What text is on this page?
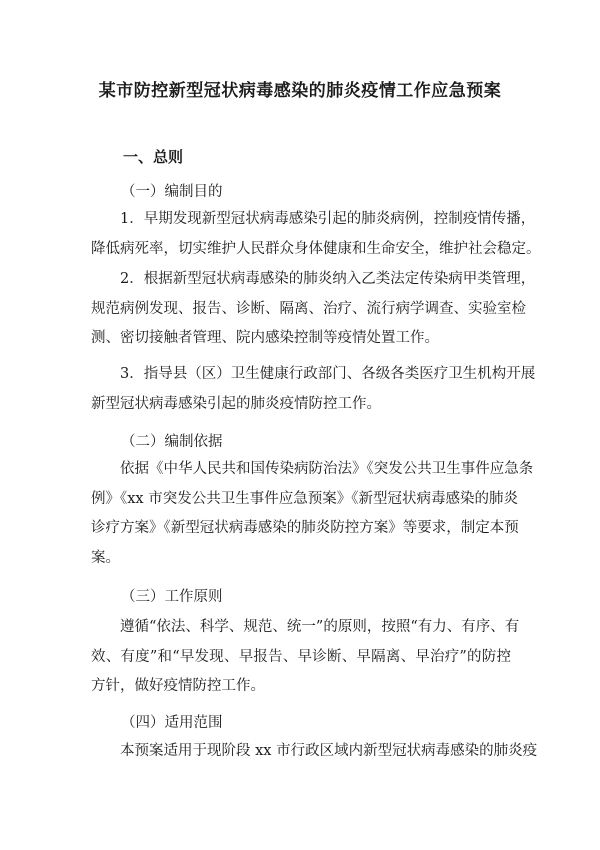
某市防控新型冠状病毒感染的肺炎疫情工作应急预案
一、总则
（一）编制目的
1．早期发现新型冠状病毒感染引起的肺炎病例，控制疫情传播，
降低病死率，切实维护人民群众身体健康和生命安全，维护社会稳定。
2．根据新型冠状病毒感染的肺炎纳入乙类法定传染病甲类管理，
规范病例发现、报告、诊断、隔离、治疗、流行病学调查、实验室检
测、密切接触者管理、院内感染控制等疫情处置工作。
3．指导县（区）卫生健康行政部门、各级各类医疗卫生机构开展
新型冠状病毒感染引起的肺炎疫情防控工作。
（二）编制依据
依据《中华人民共和国传染病防治法》《突发公共卫生事件应急条
例》《xx 市突发公共卫生事件应急预案》《新型冠状病毒感染的肺炎
诊疗方案》《新型冠状病毒感染的肺炎防控方案》等要求，制定本预
案。
（三）工作原则
遵循“依法、科学、规范、统一”的原则，按照“有力、有序、有
效、有度”和“早发现、早报告、早诊断、早隔离、早治疗”的防控
方针，做好疫情防控工作。
（四）适用范围
本预案适用于现阶段 xx 市行政区域内新型冠状病毒感染的肺炎疫
